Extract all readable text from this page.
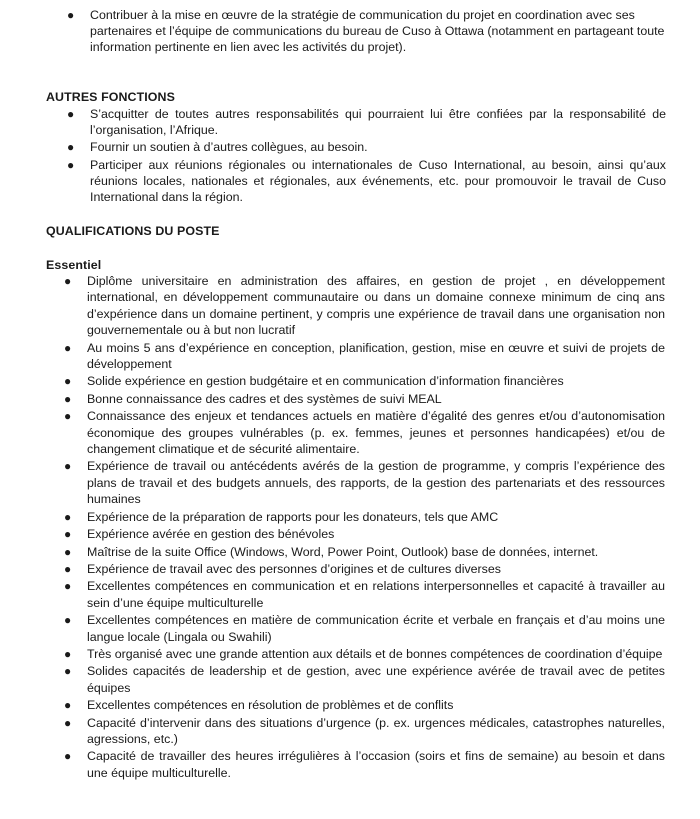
● Contribuer à la mise en œuvre de la stratégie de communication du projet en coordination avec ses partenaires et l’équipe de communications du bureau de Cuso à Ottawa (notamment en partageant toute information pertinente en lien avec les activités du projet).
AUTRES FONCTIONS
● S’acquitter de toutes autres responsabilités qui pourraient lui être confiées par la responsabilité de l’organisation, l’Afrique.
● Fournir un soutien à d’autres collègues, au besoin.
● Participer aux réunions régionales ou internationales de Cuso International, au besoin, ainsi qu’aux réunions locales, nationales et régionales, aux événements, etc. pour promouvoir le travail de Cuso International dans la région.
QUALIFICATIONS DU POSTE
Essentiel
● Diplôme universitaire en administration des affaires, en gestion de projet , en développement international, en développement communautaire ou dans un domaine connexe minimum de cinq ans d’expérience dans un domaine pertinent, y compris une expérience de travail dans une organisation non gouvernementale ou à but non lucratif
● Au moins 5 ans d’expérience en conception, planification, gestion, mise en œuvre et suivi de projets de développement
● Solide expérience en gestion budgétaire et en communication d’information financières
● Bonne connaissance des cadres et des systèmes de suivi MEAL
● Connaissance des enjeux et tendances actuels en matière d’égalité des genres et/ou d’autonomisation économique des groupes vulnérables (p. ex. femmes, jeunes et personnes handicapées) et/ou de changement climatique et de sécurité alimentaire.
● Expérience de travail ou antécédents avérés de la gestion de programme, y compris l’expérience des plans de travail et des budgets annuels, des rapports, de la gestion des partenariats et des ressources humaines
● Expérience de la préparation de rapports pour les donateurs, tels que AMC
● Expérience avérée en gestion des bénévoles
● Maîtrise de la suite Office (Windows, Word, Power Point, Outlook) base de données, internet.
● Expérience de travail avec des personnes d’origines et de cultures diverses
● Excellentes compétences en communication et en relations interpersonnelles et capacité à travailler au sein d’une équipe multiculturelle
● Excellentes compétences en matière de communication écrite et verbale en français et d’au moins une langue locale (Lingala ou Swahili)
● Très organisé avec une grande attention aux détails et de bonnes compétences de coordination d’équipe
● Solides capacités de leadership et de gestion, avec une expérience avérée de travail avec de petites équipes
● Excellentes compétences en résolution de problèmes et de conflits
● Capacité d’intervenir dans des situations d’urgence (p. ex. urgences médicales, catastrophes naturelles, agressions, etc.)
● Capacité de travailler des heures irrégulières à l’occasion (soirs et fins de semaine) au besoin et dans une équipe multiculturelle.
